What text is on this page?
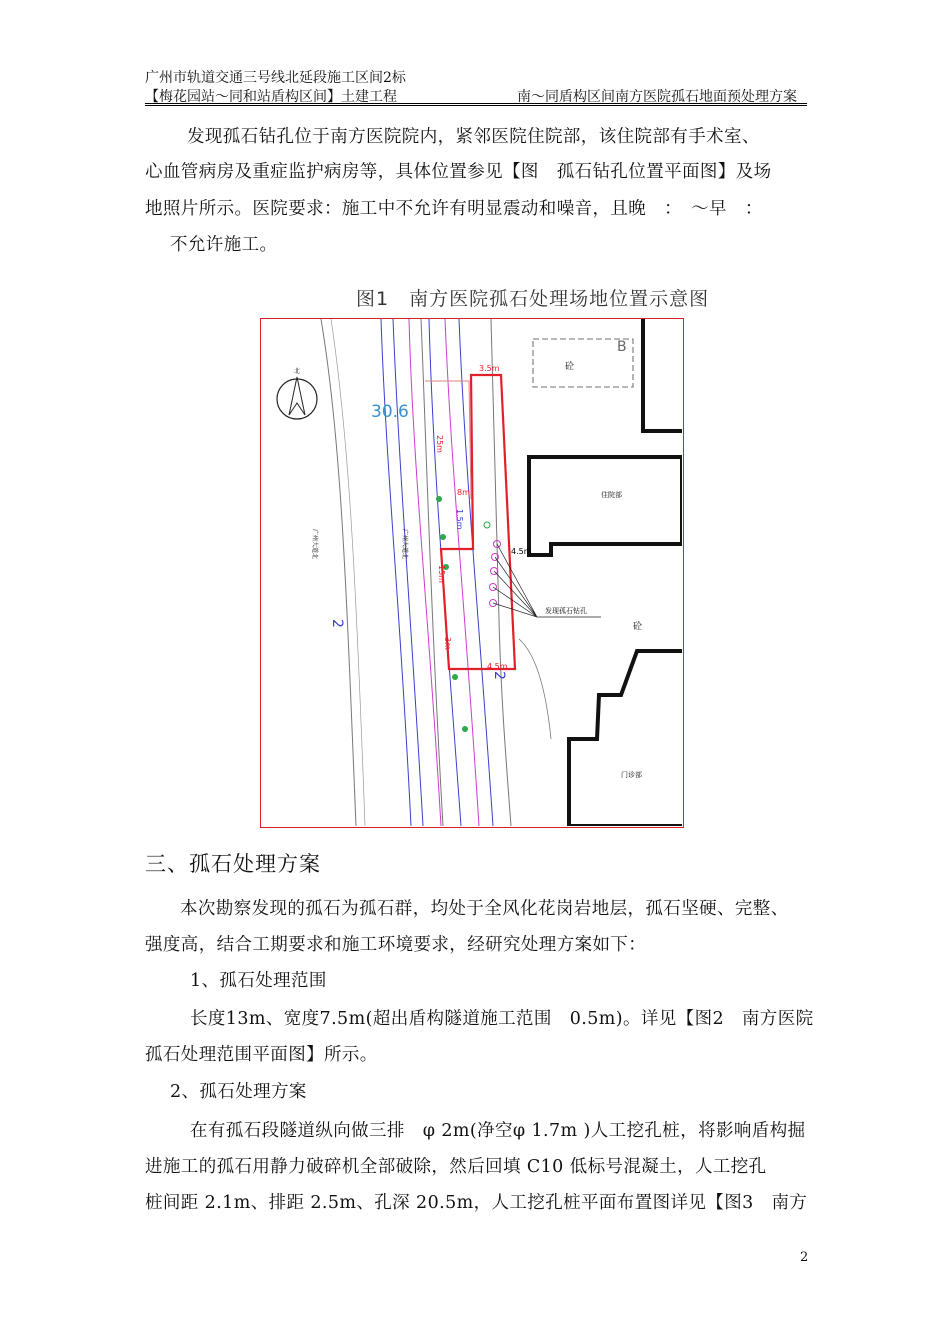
广州市轨道交通三号线北延段施工区间2标
【梅花园站～同和站盾构区间】土建工程	南～同盾构区间南方医院孤石地面预处理方案
发现孤石钻孔位于南方医院院内，紧邻医院住院部，该住院部有手术室、
心血管病房及重症监护病房等，具体位置参见【图　孤石钻孔位置平面图】及场
地照片所示。医院要求：施工中不允许有明显震动和噪音，且晚　：　～早　：
不允许施工。
图1　南方医院孤石处理场地位置示意图
北
30.6
广州大道北	广州大道北
2
2
B
砼
住院部
门诊部
砼
发现孤石钻孔
3.5m
4.5m
4.5m
25m
8m
1.5m
15m
3m
三、孤石处理方案
本次勘察发现的孤石为孤石群，均处于全风化花岗岩地层，孤石坚硬、完整、
强度高，结合工期要求和施工环境要求，经研究处理方案如下：
1、孤石处理范围
长度13m、宽度7.5m(超出盾构隧道施工范围　0.5m)。详见【图2　南方医院
孤石处理范围平面图】所示。
2、孤石处理方案
在有孤石段隧道纵向做三排　φ 2m(净空φ 1.7m )人工挖孔桩，将影响盾构掘
进施工的孤石用静力破碎机全部破除，然后回填 C10 低标号混凝土，人工挖孔
桩间距 2.1m、排距 2.5m、孔深 20.5m，人工挖孔桩平面布置图详见【图3　南方
2
